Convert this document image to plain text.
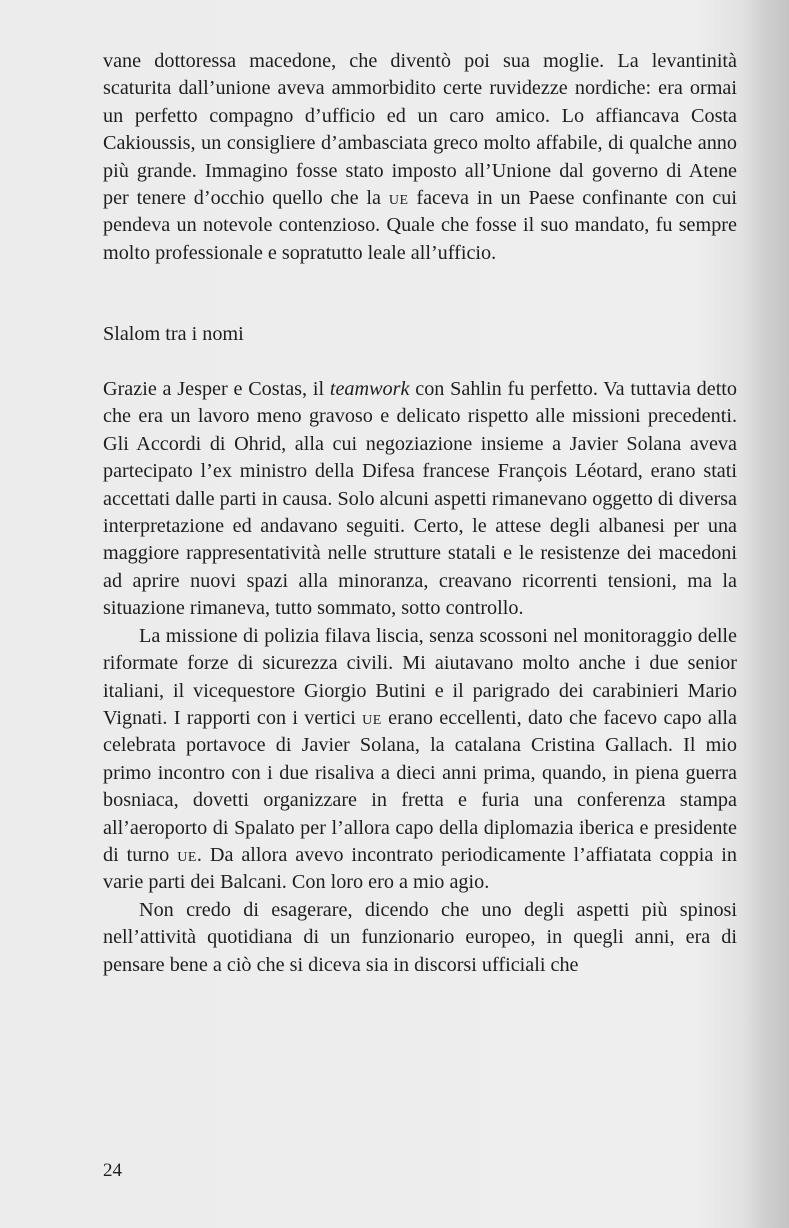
vane dottoressa macedone, che diventò poi sua moglie. La levantinità scaturita dall’unione aveva ammorbidito certe ruvidezze nordiche: era ormai un perfetto compagno d’ufficio ed un caro amico. Lo affiancava Costa Cakioussis, un consigliere d’ambasciata greco molto affabile, di qualche anno più grande. Immagino fosse stato imposto all’Unione dal governo di Atene per tenere d’occhio quello che la ue faceva in un Paese confinante con cui pendeva un notevole contenzioso. Quale che fosse il suo mandato, fu sempre molto professionale e sopratutto leale all’ufficio.

Slalom tra i nomi

Grazie a Jesper e Costas, il teamwork con Sahlin fu perfetto. Va tuttavia detto che era un lavoro meno gravoso e delicato rispetto alle missioni precedenti. Gli Accordi di Ohrid, alla cui negoziazione insieme a Javier Solana aveva partecipato l’ex ministro della Difesa francese François Léotard, erano stati accettati dalle parti in causa. Solo alcuni aspetti rimanevano oggetto di diversa interpretazione ed andavano seguiti. Certo, le attese degli albanesi per una maggiore rappresentatività nelle strutture statali e le resistenze dei macedoni ad aprire nuovi spazi alla minoranza, creavano ricorrenti tensioni, ma la situazione rimaneva, tutto sommato, sotto controllo.

La missione di polizia filava liscia, senza scossoni nel monitoraggio delle riformate forze di sicurezza civili. Mi aiutavano molto anche i due senior italiani, il vicequestore Giorgio Butini e il parigrado dei carabinieri Mario Vignati. I rapporti con i vertici ue erano eccellenti, dato che facevo capo alla celebrata portavoce di Javier Solana, la catalana Cristina Gallach. Il mio primo incontro con i due risaliva a dieci anni prima, quando, in piena guerra bosniaca, dovetti organizzare in fretta e furia una conferenza stampa all’aeroporto di Spalato per l’allora capo della diplomazia iberica e presidente di turno ue. Da allora avevo incontrato periodicamente l’affiatata coppia in varie parti dei Balcani. Con loro ero a mio agio.

Non credo di esagerare, dicendo che uno degli aspetti più spinosi nell’attività quotidiana di un funzionario europeo, in quegli anni, era di pensare bene a ciò che si diceva sia in discorsi ufficiali che

24
